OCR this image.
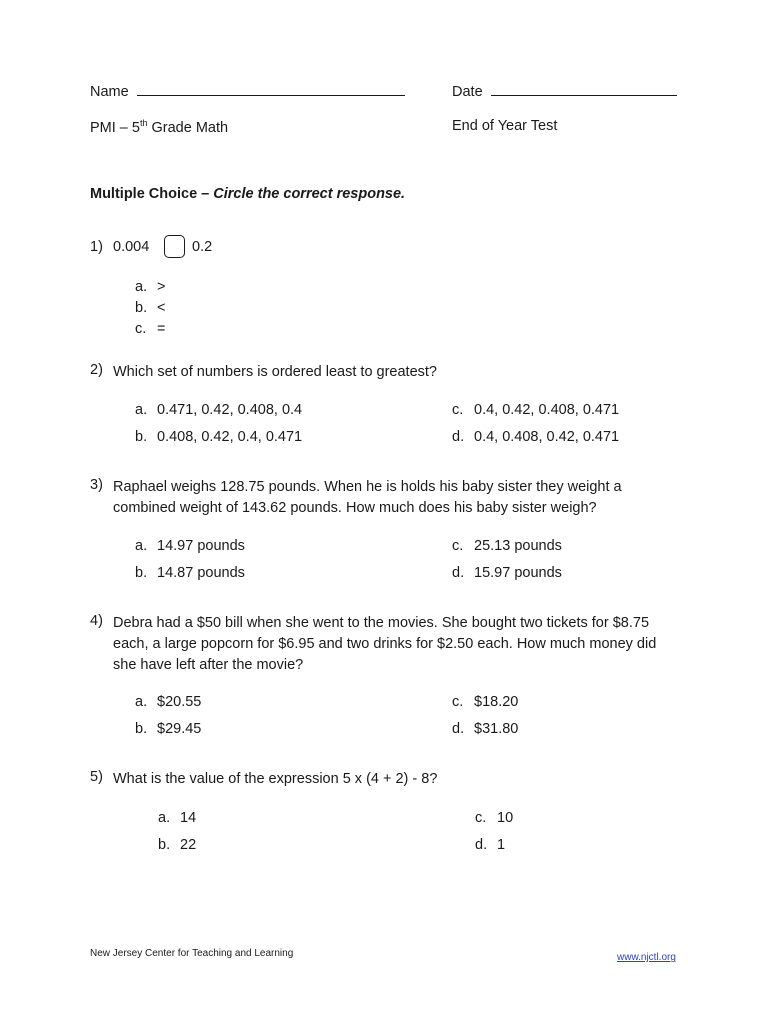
Name	Date
PMI – 5th Grade Math	End of Year Test
Multiple Choice – Circle the correct response.
1) 0.004	0.2
a. >
b. <
c. =
2) Which set of numbers is ordered least to greatest?
a. 0.471, 0.42, 0.408, 0.4
b. 0.408, 0.42, 0.4, 0.471
c. 0.4, 0.42, 0.408, 0.471
d. 0.4, 0.408, 0.42, 0.471
3) Raphael weighs 128.75 pounds. When he is holds his baby sister they weight a combined weight of 143.62 pounds. How much does his baby sister weigh?
a. 14.97 pounds
b. 14.87 pounds
c. 25.13 pounds
d. 15.97 pounds
4) Debra had a $50 bill when she went to the movies. She bought two tickets for $8.75 each, a large popcorn for $6.95 and two drinks for $2.50 each. How much money did she have left after the movie?
a. $20.55
b. $29.45
c. $18.20
d. $31.80
5) What is the value of the expression 5 x (4 + 2) - 8?
a. 14
b. 22
c. 10
d. 1
New Jersey Center for Teaching and Learning	www.njctl.org
